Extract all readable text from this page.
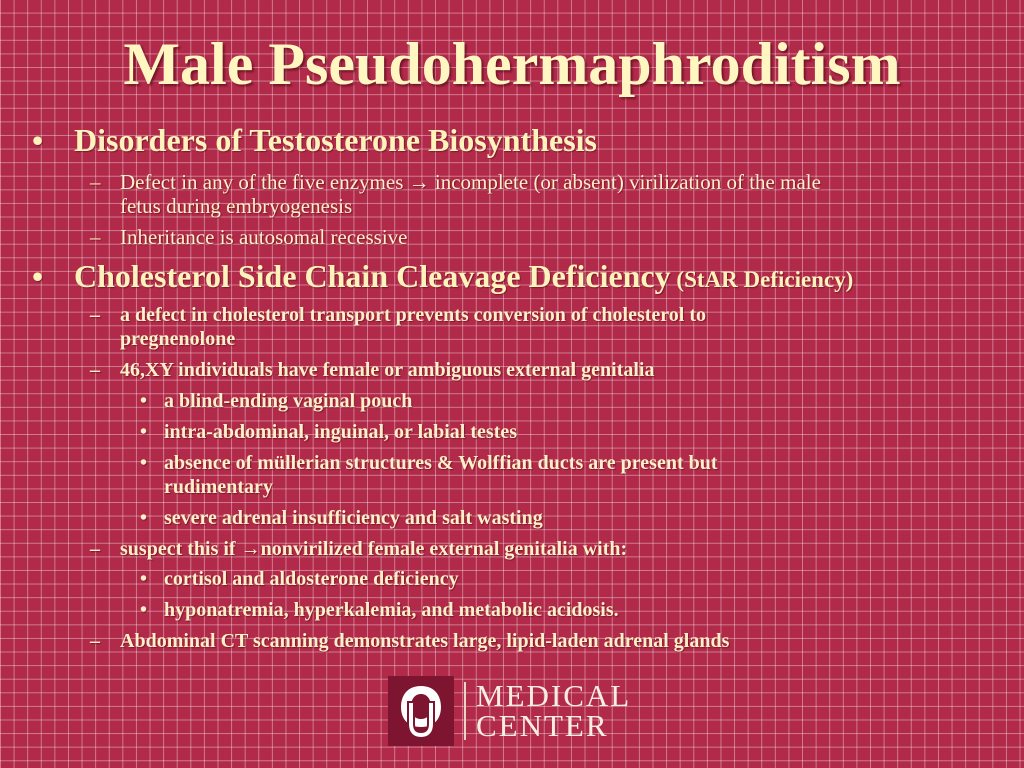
Male Pseudohermaphroditism
• Disorders of Testosterone Biosynthesis
– Defect in any of the five enzymes → incomplete (or absent) virilization of the male
fetus during embryogenesis
– Inheritance is autosomal recessive
• Cholesterol Side Chain Cleavage Deficiency (StAR Deficiency)
– a defect in cholesterol transport prevents conversion of cholesterol to
pregnenolone
– 46,XY individuals have female or ambiguous external genitalia
• a blind-ending vaginal pouch
• intra-abdominal, inguinal, or labial testes
• absence of müllerian structures & Wolffian ducts are present but
rudimentary
• severe adrenal insufficiency and salt wasting
– suspect this if →nonvirilized female external genitalia with:
• cortisol and aldosterone deficiency
• hyponatremia, hyperkalemia, and metabolic acidosis.
– Abdominal CT scanning demonstrates large, lipid-laden adrenal glands
MEDICAL
CENTER
